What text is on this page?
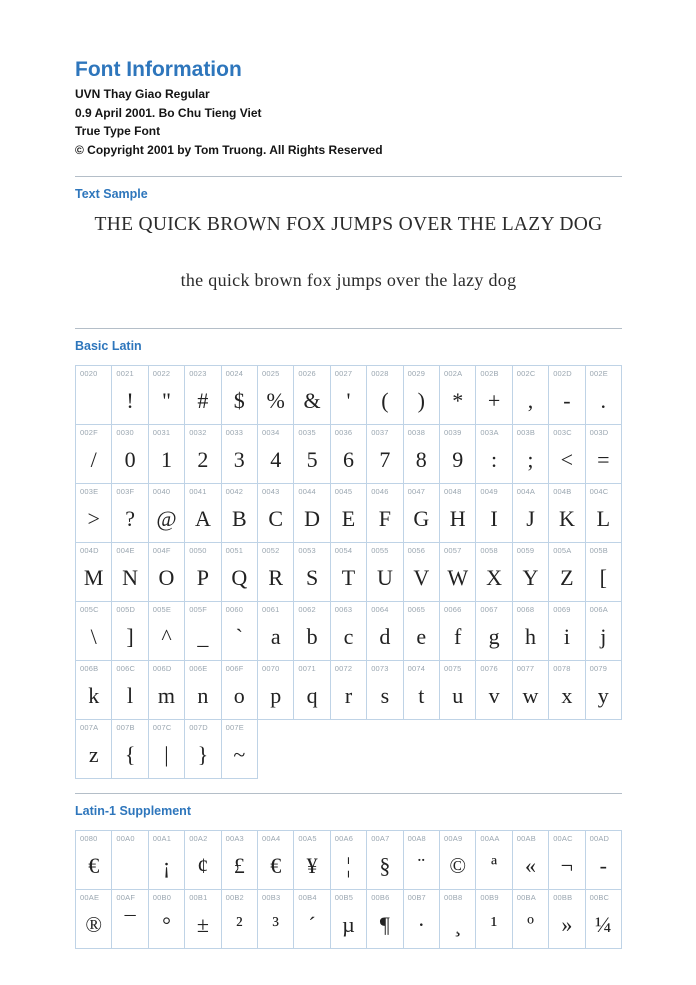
Font Information
UVN Thay Giao Regular
0.9 April 2001. Bo Chu Tieng Viet
True Type Font
© Copyright 2001 by Tom Truong. All Rights Reserved
Text Sample
THE QUICK BROWN FOX JUMPS OVER THE LAZY DOG
the quick brown fox jumps over the lazy dog
Basic Latin
0020	0021
!
0022
"
0023
#
0024
$
0025
%
0026
&
0027
'
0028
(
0029
)
002A
*
002B
+
002C
,
002D
-
002E
.
002F
/
0030
0
0031
1
0032
2
0033
3
0034
4
0035
5
0036
6
0037
7
0038
8
0039
9
003A
:
003B
;
003C
<
003D
=
003E
>
003F
?
0040
@
0041
A
0042
B
0043
C
0044
D
0045
E
0046
F
0047
G
0048
H
0049
I
004A
J
004B
K
004C
L
004D
M
004E
N
004F
O
0050
P
0051
Q
0052
R
0053
S
0054
T
0055
U
0056
V
0057
W
0058
X
0059
Y
005A
Z
005B
[
005C
\
005D
]
005E
^
005F
_
0060
`
0061
a
0062
b
0063
c
0064
d
0065
e
0066
f
0067
g
0068
h
0069
i
006A
j
006B
k
006C
l
006D
m
006E
n
006F
o
0070
p
0071
q
0072
r
0073
s
0074
t
0075
u
0076
v
0077
w
0078
x
0079
y
007A
z
007B
{
007C
|
007D
}
007E
~
Latin-1 Supplement
0080
€
00A0 00A1
¡
00A2
¢
00A3
£
00A4
€
00A5
¥
00A6
¦
00A7
§
00A8
¨
00A9
©
00AA
ª
00AB
«
00AC
¬
00AD
-
00AE
®
00AF
¯
00B0
°
00B1
±
00B2
²
00B3
³
00B4
´
00B5
µ
00B6
¶
00B7
·
00B8
¸
00B9
¹
00BA
º
00BB
»
00BC
¼
